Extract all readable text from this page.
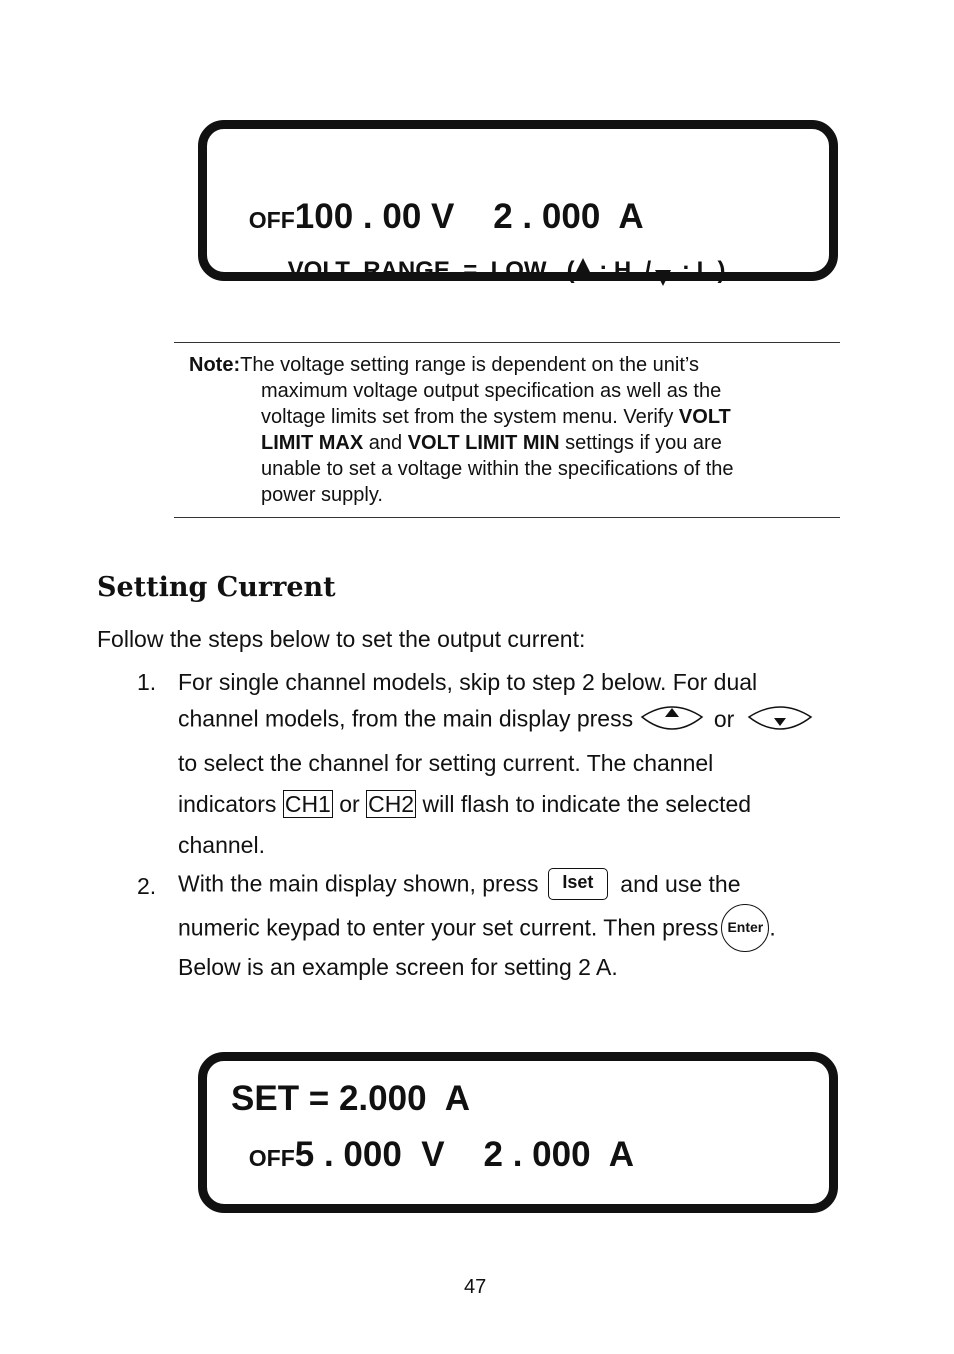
OFF100 . 00 V    2 . 000  A

VOLT  RANGE  =  LOW   ( : H  / : L )

Note:The voltage setting range is dependent on the unit’s
maximum voltage output specification as well as the
voltage limits set from the system menu. Verify VOLT
LIMIT MAX and VOLT LIMIT MIN settings if you are
unable to set a voltage within the specifications of the
power supply.
Setting Current
Follow the steps below to set the output current:
1. For single channel models, skip to step 2 below. For dual
channel models, from the main display press	or
to select the channel for setting current. The channel
indicators CH1 or CH2 will flash to indicate the selected
channel.
2. With the main display shown, press Iset and use the
numeric keypad to enter your set current. Then press Enter .
Below is an example screen for setting 2 A.
SET = 2.000  A

OFF5 . 000  V    2 . 000  A

47
